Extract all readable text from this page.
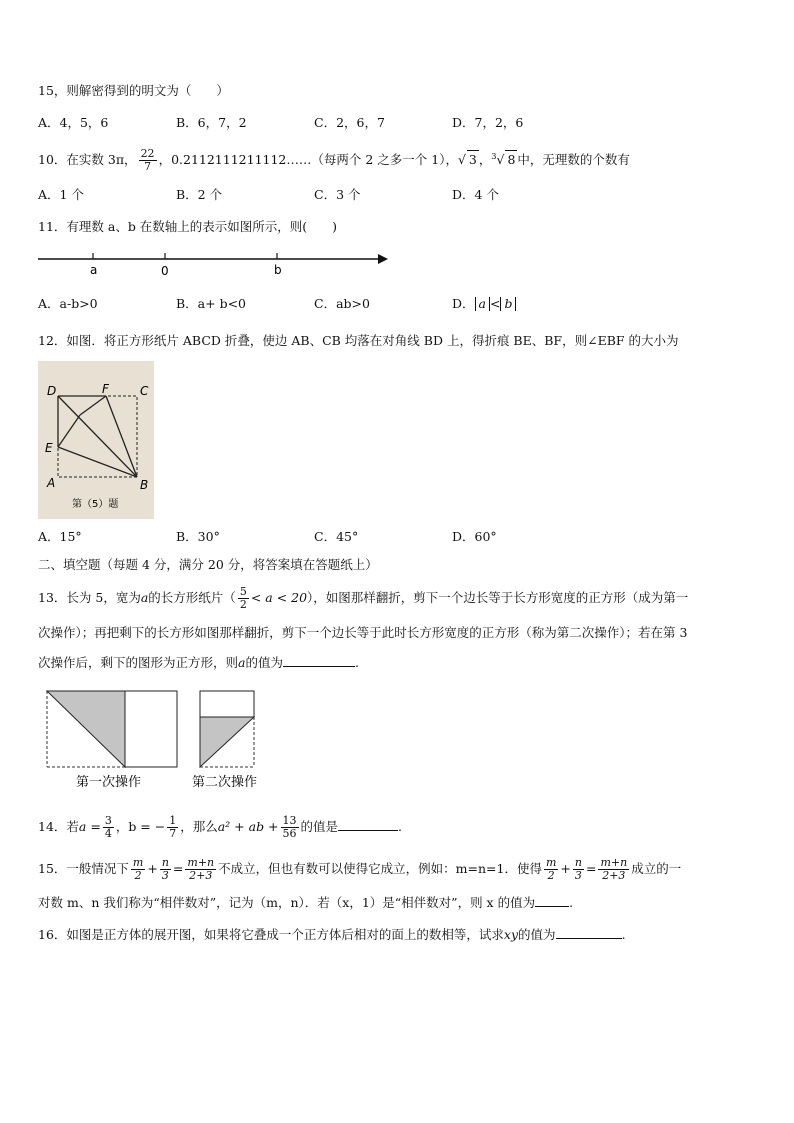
15，则解密得到的明文为（　　）
A．4，5，6	B．6，7，2	C．2，6，7	D．7，2，6
10．在实数 3π， $\frac{22}{7}$ ，0.2112111211112……（每两个 2 之多一个 1），√ 3 ，$^3$√ 8 中，无理数的个数有
A．1 个	B．2 个	C．3 个	D．4 个
11．有理数 a、b 在数轴上的表示如图所示，则(　　)
a	0	b
A．a-b>0	B．a+ b<0	C．ab>0	D． a < b
12．如图．将正方形纸片 ABCD 折叠，使边 AB、CB 均落在对角线 BD 上，得折痕 BE、BF，则∠EBF 的大小为
D	F	C
E
A	B
第（5）题
A．15°	B．30°	C．45°	D．60°
二、填空题（每题 4 分，满分 20 分，将答案填在答题纸上）
13．长为 5，宽为a的长方形纸片（ $\frac{5}{2} < a < 20$），如图那样翻折，剪下一个边长等于长方形宽度的正方形（成为第一
次操作）；再把剩下的长方形如图那样翻折，剪下一个边长等于此时长方形宽度的正方形（称为第二次操作）；若在第 3
次操作后，剩下的图形为正方形，则a的值为	.
第一次操作	第二次操作
14．若$a = \frac{3}{4}$ ，b = − $\frac{1}{7}$ ，那么a² + ab + $\frac{13}{56}$ 的值是	.
15．一般情况下 $\frac{m}{2} + \frac{n}{3} = \frac{m+n}{2+3}$ 不成立，但也有数可以使得它成立，例如：m=n=1．使得 $\frac{m}{2} + \frac{n}{3} = \frac{m+n}{2+3}$ 成立的一
对数 m、n 我们称为“相伴数对”，记为（m，n）．若（x，1）是“相伴数对”，则 x 的值为	.
16．如图是正方体的展开图，如果将它叠成一个正方体后相对的面上的数相等，试求xy的值为	.
